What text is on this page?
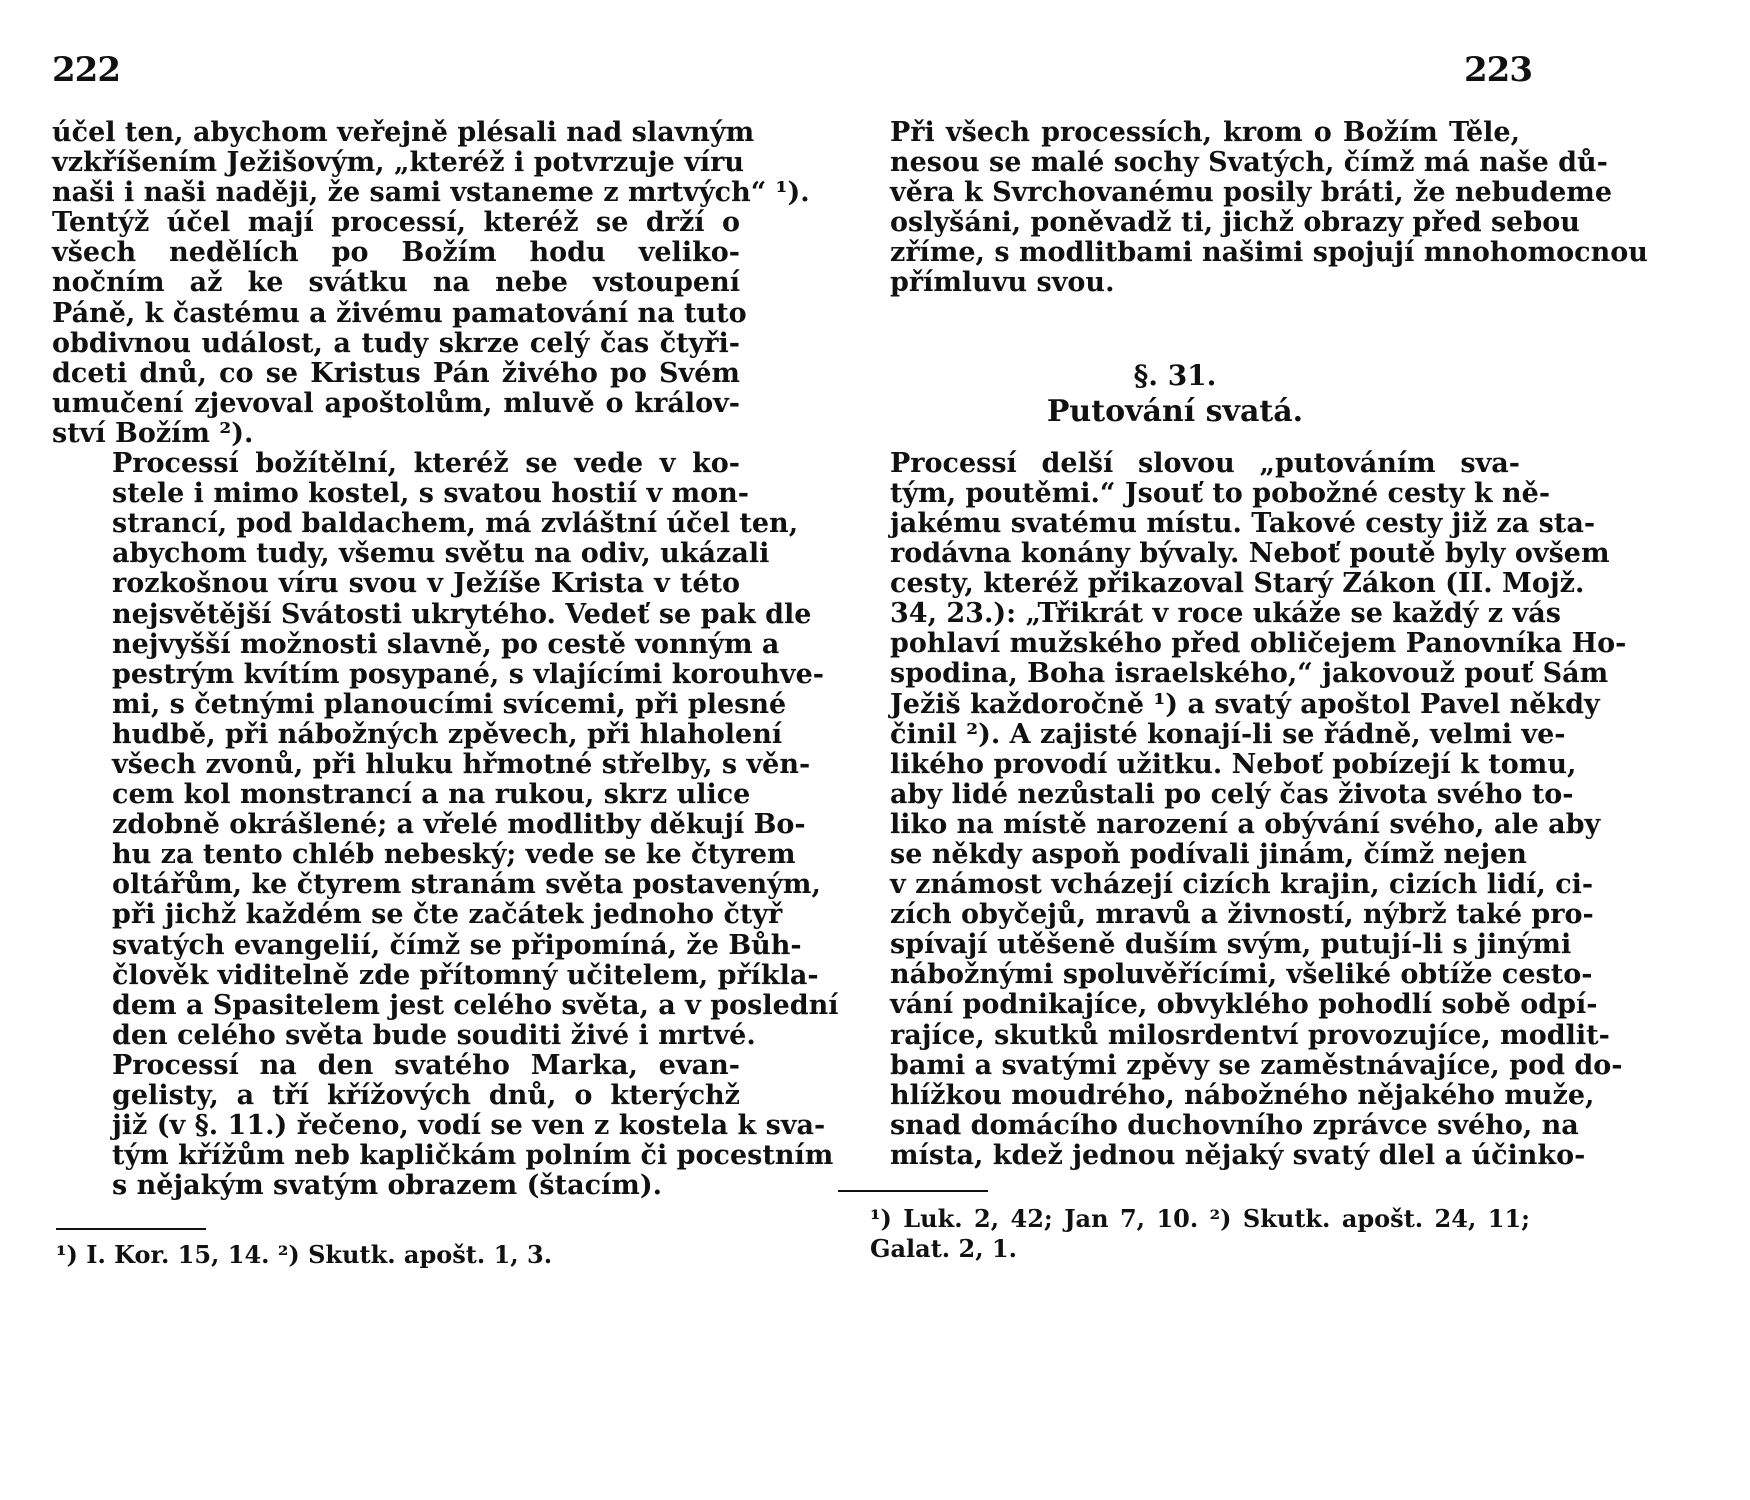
222	223

účel ten, abychom veřejně plésali nad slavným
vzkříšením Ježišovým, „kteréž i potvrzuje víru
naši i naši naději, že sami vstaneme z mrtvých“ ¹).
Tentýž účel mají processí, kteréž se drží o
všech nedělích po Božím hodu veliko-
nočním až ke svátku na nebe vstoupení
Páně, k častému a živému pamatování na tuto
obdivnou událost, a tudy skrze celý čas čtyři-
dceti dnů, co se Kristus Pán živého po Svém
umučení zjevoval apoštolům, mluvě o králov-
ství Božím ²).

Processí božítělní, kteréž se vede v ko-
stele i mimo kostel, s svatou hostií v mon-
strancí, pod baldachem, má zvláštní účel ten,
abychom tudy, všemu světu na odiv, ukázali
rozkošnou víru svou v Ježíše Krista v této
nejsvětější Svátosti ukrytého. Vedeť se pak dle
nejvyšší možnosti slavně, po cestě vonným a
pestrým kvítím posypané, s vlajícími korouhve-
mi, s četnými planoucími svícemi, při plesné
hudbě, při nábožných zpěvech, při hlaholení
všech zvonů, při hluku hřmotné střelby, s věn-
cem kol monstrancí a na rukou, skrz ulice
zdobně okrášlené; a vřelé modlitby děkují Bo-
hu za tento chléb nebeský; vede se ke čtyrem
oltářům, ke čtyrem stranám světa postaveným,
při jichž každém se čte začátek jednoho čtyř
svatých evangelií, čímž se připomíná, že Bůh-
člověk viditelně zde přítomný učitelem, příkla-
dem a Spasitelem jest celého světa, a v poslední
den celého světa bude souditi živé i mrtvé.

Processí na den svatého Marka, evan-
gelisty, a tří křížových dnů, o kterýchž
již (v §. 11.) řečeno, vodí se ven z kostela k sva-
tým křížům neb kapličkám polním či pocestním
s nějakým svatým obrazem (štacím).

Při všech processích, krom o Božím Těle,
nesou se malé sochy Svatých, čímž má naše dů-
věra k Svrchovanému posily bráti, že nebudeme
oslyšáni, poněvadž ti, jichž obrazy před sebou
zříme, s modlitbami našimi spojují mnohomocnou
přímluvu svou.

§. 31.
Putování svatá.

Processí delší slovou „putováním sva-
tým, poutěmi.“ Jsouť to pobožné cesty k ně-
jakému svatému místu. Takové cesty již za sta-
rodávna konány bývaly. Neboť poutě byly ovšem
cesty, kteréž přikazoval Starý Zákon (II. Mojž.
34, 23.): „Třikrát v roce ukáže se každý z vás
pohlaví mužského před obličejem Panovníka Ho-
spodina, Boha israelského,“ jakovouž pouť Sám
Ježiš každoročně ¹) a svatý apoštol Pavel někdy
činil ²). A zajisté konají-li se řádně, velmi ve-
likého provodí užitku. Neboť pobízejí k tomu,
aby lidé nezůstali po celý čas života svého to-
liko na místě narození a obývání svého, ale aby
se někdy aspoň podívali jinám, čímž nejen
v známost vcházejí cizích krajin, cizích lidí, ci-
zích obyčejů, mravů a živností, nýbrž také pro-
spívají utěšeně duším svým, putují-li s jinými
nábožnými spoluvěřícími, všeliké obtíže cesto-
vání podnikajíce, obvyklého pohodlí sobě odpí-
rajíce, skutků milosrdentví provozujíce, modlit-
bami a svatými zpěvy se zaměstnávajíce, pod do-
hlížkou moudrého, nábožného nějakého muže,
snad domácího duchovního zprávce svého, na
místa, kdež jednou nějaký svatý dlel a účinko-

¹) I. Kor. 15, 14. ²) Skutk. apošt. 1, 3.
¹) Luk. 2, 42; Jan 7, 10. ²) Skutk. apošt. 24, 11;
Galat. 2, 1.
